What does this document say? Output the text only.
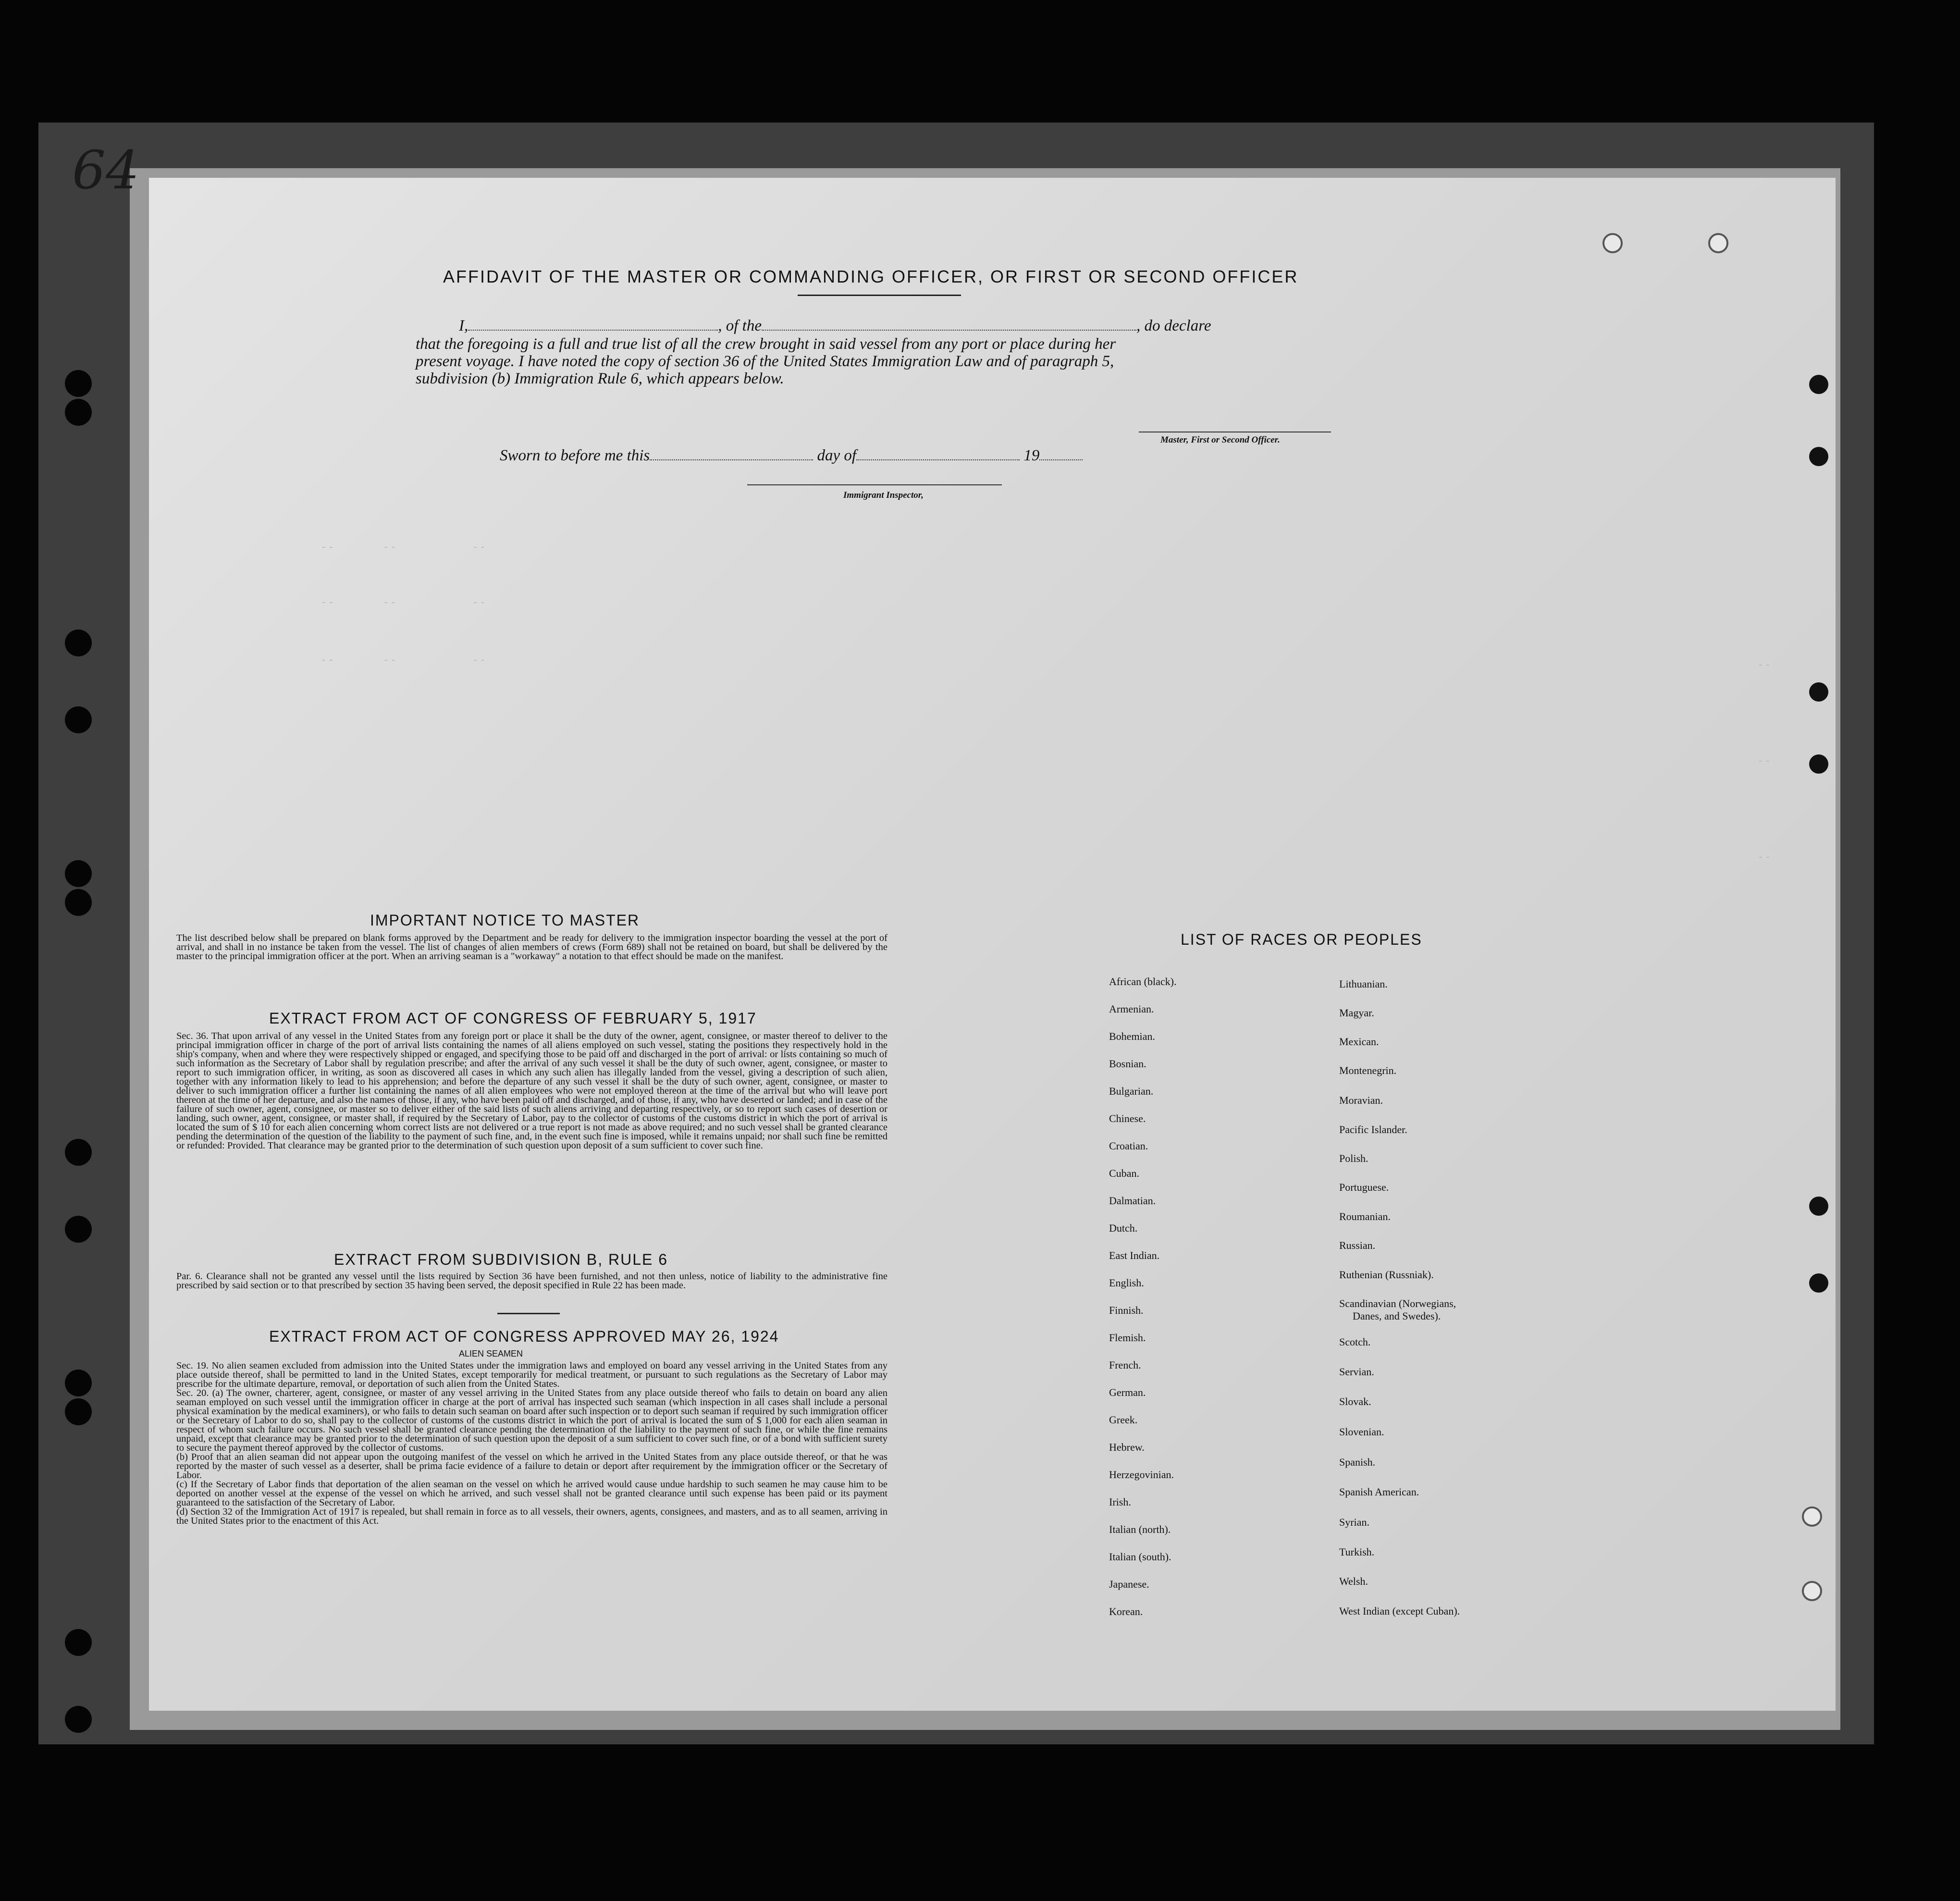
64
--       --           --
--       --           --
--       --           --	--
--
--
AFFIDAVIT OF THE MASTER OR COMMANDING OFFICER, OR FIRST OR SECOND OFFICER
I,	, of the	, do declare
that the foregoing is a full and true list of all the crew brought in said vessel from any port or place during her
present voyage. I have noted the copy of section 36 of the United States Immigration Law and of paragraph 5,
subdivision (b) Immigration Rule 6, which appears below.
Master, First or Second Officer.
Sworn to before me this	day of	19
Immigrant Inspector,
IMPORTANT NOTICE TO MASTER

The list described below shall be prepared on blank forms approved by the Department and be ready for delivery to the immigration inspector boarding the vessel at the port of arrival, and shall in no instance be taken from the vessel. The list of changes of alien members of crews (Form 689) shall not be retained on board, but shall be delivered by the master to the principal immigration officer at the port. When an arriving seaman is a "workaway" a notation to that effect should be made on the manifest.

EXTRACT FROM ACT OF CONGRESS OF FEBRUARY 5, 1917

Sec. 36. That upon arrival of any vessel in the United States from any foreign port or place it shall be the duty of the owner, agent, consignee, or master thereof to deliver to the principal immigration officer in charge of the port of arrival lists containing the names of all aliens employed on such vessel, stating the positions they respectively hold in the ship's company, when and where they were respectively shipped or engaged, and specifying those to be paid off and discharged in the port of arrival: or lists containing so much of such information as the Secretary of Labor shall by regulation prescribe; and after the arrival of any such vessel it shall be the duty of such owner, agent, consignee, or master to report to such immigration officer, in writing, as soon as discovered all cases in which any such alien has illegally landed from the vessel, giving a description of such alien, together with any information likely to lead to his apprehension; and before the departure of any such vessel it shall be the duty of such owner, agent, consignee, or master to deliver to such immigration officer a further list containing the names of all alien employees who were not employed thereon at the time of the arrival but who will leave port thereon at the time of her departure, and also the names of those, if any, who have been paid off and discharged, and of those, if any, who have deserted or landed; and in case of the failure of such owner, agent, consignee, or master so to deliver either of the said lists of such aliens arriving and departing respectively, or so to report such cases of desertion or landing, such owner, agent, consignee, or master shall, if required by the Secretary of Labor, pay to the collector of customs of the customs district in which the port of arrival is located the sum of $ 10 for each alien concerning whom correct lists are not delivered or a true report is not made as above required; and no such vessel shall be granted clearance pending the determination of the question of the liability to the payment of such fine, and, in the event such fine is imposed, while it remains unpaid; nor shall such fine be remitted or refunded: Provided. That clearance may be granted prior to the determination of such question upon deposit of a sum sufficient to cover such fine.

EXTRACT FROM SUBDIVISION B, RULE 6

Par. 6. Clearance shall not be granted any vessel until the lists required by Section 36 have been furnished, and not then unless, notice of liability to the administrative fine prescribed by said section or to that prescribed by section 35 having been served, the deposit specified in Rule 22 has been made.

EXTRACT FROM ACT OF CONGRESS APPROVED MAY 26, 1924
ALIEN SEAMEN

Sec. 19. No alien seamen excluded from admission into the United States under the immigration laws and employed on board any vessel arriving in the United States from any place outside thereof, shall be permitted to land in the United States, except temporarily for medical treatment, or pursuant to such regulations as the Secretary of Labor may prescribe for the ultimate departure, removal, or deportation of such alien from the United States.

Sec. 20. (a) The owner, charterer, agent, consignee, or master of any vessel arriving in the United States from any place outside thereof who fails to detain on board any alien seaman employed on such vessel until the immigration officer in charge at the port of arrival has inspected such seaman (which inspection in all cases shall include a personal physical examination by the medical examiners), or who fails to detain such seaman on board after such inspection or to deport such seaman if required by such immigration officer or the Secretary of Labor to do so, shall pay to the collector of customs of the customs district in which the port of arrival is located the sum of $ 1,000 for each alien seaman in respect of whom such failure occurs. No such vessel shall be granted clearance pending the determination of the liability to the payment of such fine, or while the fine remains unpaid, except that clearance may be granted prior to the determination of such question upon the deposit of a sum sufficient to cover such fine, or of a bond with sufficient surety to secure the payment thereof approved by the collector of customs.

(b) Proof that an alien seaman did not appear upon the outgoing manifest of the vessel on which he arrived in the United States from any place outside thereof, or that he was reported by the master of such vessel as a deserter, shall be prima facie evidence of a failure to detain or deport after requirement by the immigration officer or the Secretary of Labor.

(c) If the Secretary of Labor finds that deportation of the alien seaman on the vessel on which he arrived would cause undue hardship to such seamen he may cause him to be deported on another vessel at the expense of the vessel on which he arrived, and such vessel shall not be granted clearance until such expense has been paid or its payment guaranteed to the satisfaction of the Secretary of Labor.

(d) Section 32 of the Immigration Act of 1917 is repealed, but shall remain in force as to all vessels, their owners, agents, consignees, and masters, and as to all seamen, arriving in the United States prior to the enactment of this Act.

LIST OF RACES OR PEOPLES
African (black).
Armenian.
Bohemian.
Bosnian.
Bulgarian.
Chinese.
Croatian.
Cuban.
Dalmatian.
Dutch.
East Indian.
English.
Finnish.
Flemish.
French.
German.
Greek.
Hebrew.
Herzegovinian.
Irish.
Italian (north).
Italian (south).
Japanese.
Korean.
Lithuanian.
Magyar.
Mexican.
Montenegrin.
Moravian.
Pacific Islander.
Polish.
Portuguese.
Roumanian.
Russian.
Ruthenian (Russniak).
Scandinavian (Norwegians,
Danes, and Swedes).
Scotch.
Servian.
Slovak.
Slovenian.
Spanish.
Spanish American.
Syrian.
Turkish.
Welsh.
West Indian (except Cuban).
